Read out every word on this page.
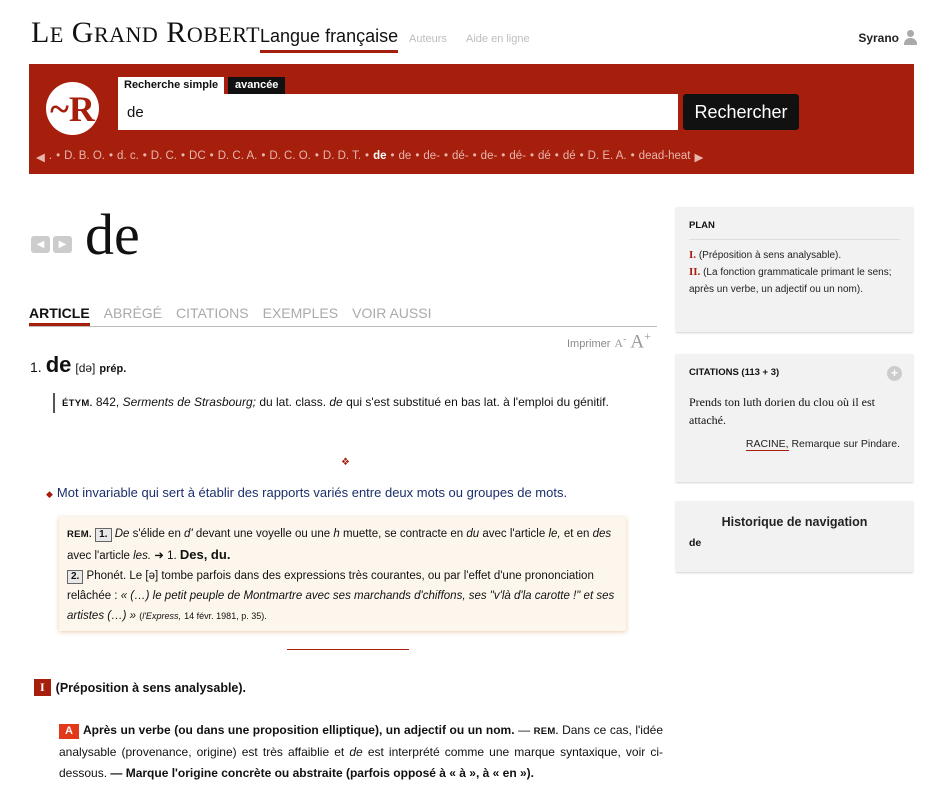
LE GRAND ROBERT Langue française Auteurs Aide en ligne	Syrano
~R
Recherche simple	avancée
de
Rechercher
◀ . • D. B. O. • d. c. • D. C. • DC • D. C. A. • D. C. O. • D. D. T. • de • de • de- • dé- • de- • dé- • dé • dé • D. E. A. • dead-heat ▶
◀	▶ de
ARTICLE ABRÉGÉ CITATIONS EXEMPLES VOIR AUSSI
Imprimer A- A+
1. de [də] prép.
ÉTYM. 842, Serments de Strasbourg; du lat. class. de qui s'est substitué en bas lat. à l'emploi du génitif.
❖
◆ Mot invariable qui sert à établir des rapports variés entre deux mots ou groupes de mots.
REM. 1. De s'élide en d' devant une voyelle ou une h muette, se contracte en du avec l'article le, et en des avec l'article les. ➜ 1. Des, du.
2. Phonét. Le [ə] tombe parfois dans des expressions très courantes, ou par l'effet d'une prononciation relâchée : « (…) le petit peuple de Montmartre avec ses marchands d'chiffons, ses "v'là d'la carotte !" et ses artistes (…) » (l'Express, 14 févr. 1981, p. 35).
I (Préposition à sens analysable).
A Après un verbe (ou dans une proposition elliptique), un adjectif ou un nom. — REM. Dans ce cas, l'idée analysable (provenance, origine) est très affaiblie et de est interprété comme une marque syntaxique, voir ci-dessous. — Marque l'origine concrète ou abstraite (parfois opposé à « à », à « en »).
PLAN
I. (Préposition à sens analysable).
II. (La fonction grammaticale primant le sens; après un verbe, un adjectif ou un nom).
CITATIONS (113 + 3)	+
Prends ton luth dorien du clou où il est attaché.
RACINE, Remarque sur Pindare.
Historique de navigation
de
